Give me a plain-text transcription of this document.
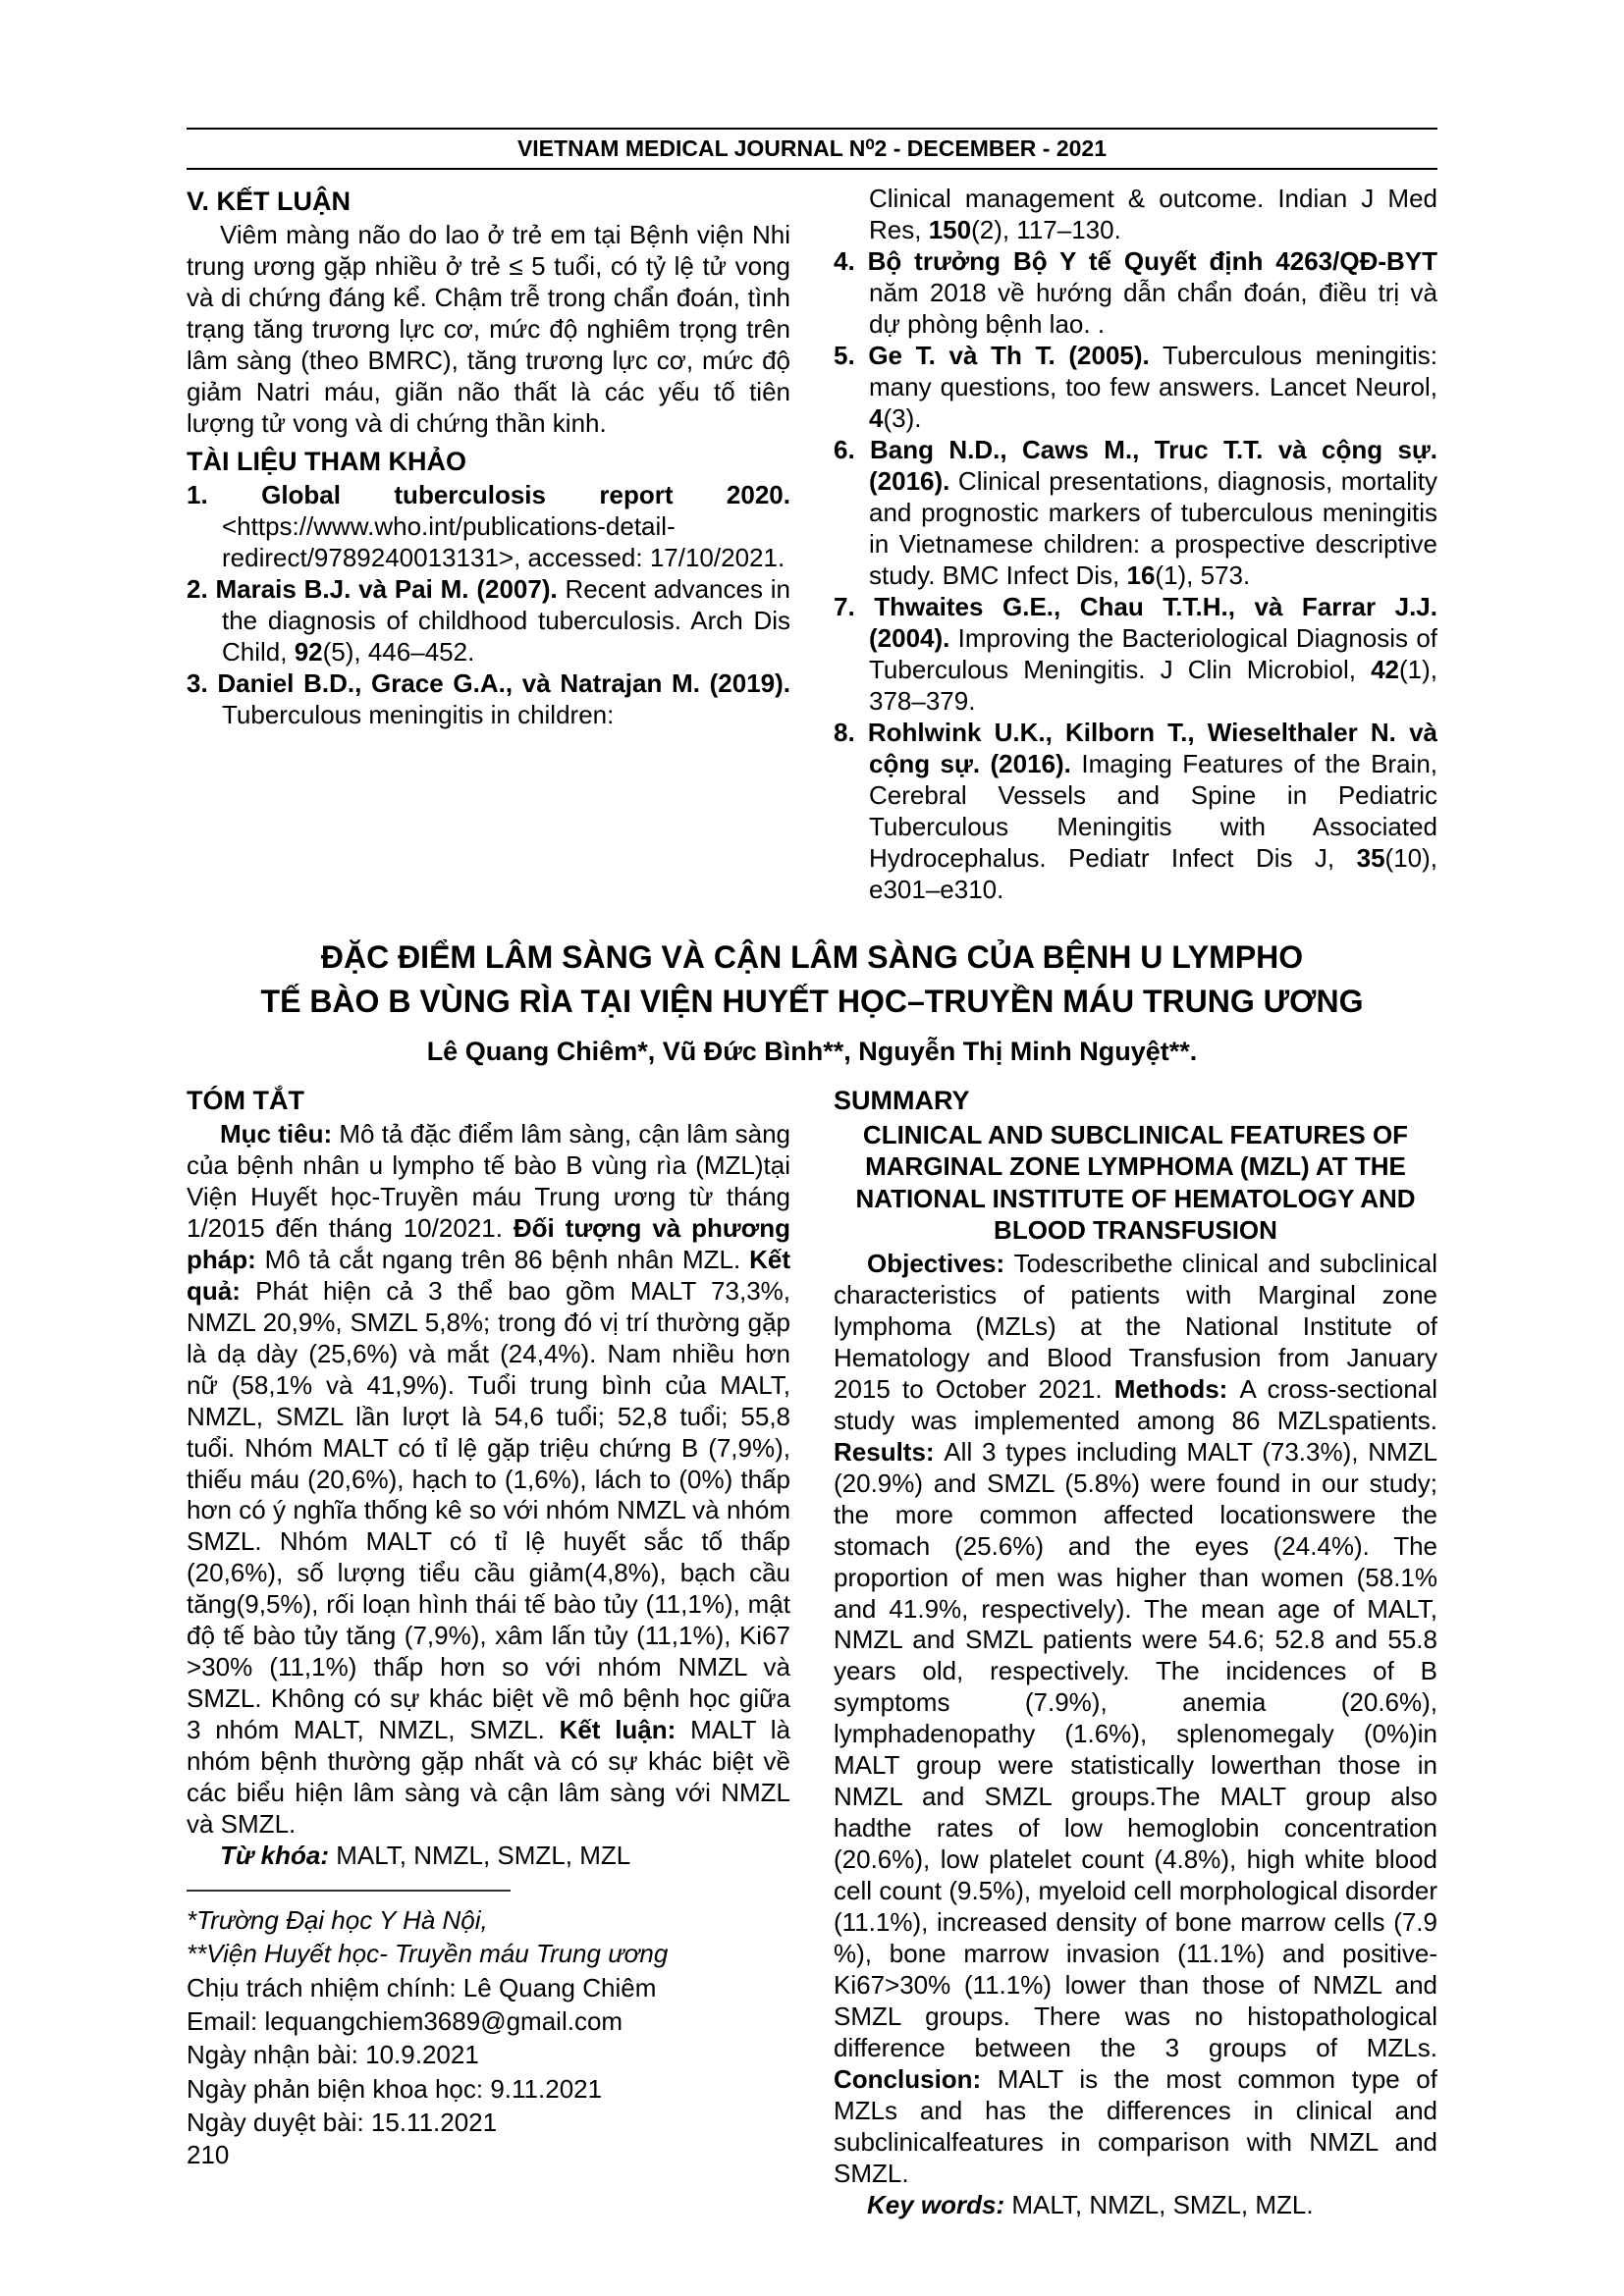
VIETNAM MEDICAL JOURNAL N⁰2 - DECEMBER - 2021
V. KẾT LUẬN

Viêm màng não do lao ở trẻ em tại Bệnh viện Nhi trung ương gặp nhiều ở trẻ ≤ 5 tuổi, có tỷ lệ tử vong và di chứng đáng kể. Chậm trễ trong chẩn đoán, tình trạng tăng trương lực cơ, mức độ nghiêm trọng trên lâm sàng (theo BMRC), tăng trương lực cơ, mức độ giảm Natri máu, giãn não thất là các yếu tố tiên lượng tử vong và di chứng thần kinh.

TÀI LIỆU THAM KHẢO
1. Global tuberculosis report 2020. <https://www.who.int/publications-detail-redirect/9789240013131>, accessed: 17/10/2021.
2. Marais B.J. và Pai M. (2007). Recent advances in the diagnosis of childhood tuberculosis. Arch Dis Child, 92(5), 446–452.
3. Daniel B.D., Grace G.A., và Natrajan M. (2019). Tuberculous meningitis in children:
Clinical management & outcome. Indian J Med Res, 150(2), 117–130.
4. Bộ trưởng Bộ Y tế Quyết định 4263/QĐ-BYT năm 2018 về hướng dẫn chẩn đoán, điều trị và dự phòng bệnh lao. .
5. Ge T. và Th T. (2005). Tuberculous meningitis: many questions, too few answers. Lancet Neurol, 4(3).
6. Bang N.D., Caws M., Truc T.T. và cộng sự. (2016). Clinical presentations, diagnosis, mortality and prognostic markers of tuberculous meningitis in Vietnamese children: a prospective descriptive study. BMC Infect Dis, 16(1), 573.
7. Thwaites G.E., Chau T.T.H., và Farrar J.J. (2004). Improving the Bacteriological Diagnosis of Tuberculous Meningitis. J Clin Microbiol, 42(1), 378–379.
8. Rohlwink U.K., Kilborn T., Wieselthaler N. và cộng sự. (2016). Imaging Features of the Brain, Cerebral Vessels and Spine in Pediatric Tuberculous Meningitis with Associated Hydrocephalus. Pediatr Infect Dis J, 35(10), e301–e310.
ĐẶC ĐIỂM LÂM SÀNG VÀ CẬN LÂM SÀNG CỦA BỆNH U LYMPHO
TẾ BÀO B VÙNG RÌA TẠI VIỆN HUYẾT HỌC–TRUYỀN MÁU TRUNG ƯƠNG
Lê Quang Chiêm*, Vũ Đức Bình**, Nguyễn Thị Minh Nguyệt**.
TÓM TẮT

Mục tiêu: Mô tả đặc điểm lâm sàng, cận lâm sàng của bệnh nhân u lympho tế bào B vùng rìa (MZL)tại Viện Huyết học-Truyền máu Trung ương từ tháng 1/2015 đến tháng 10/2021. Đối tượng và phương pháp: Mô tả cắt ngang trên 86 bệnh nhân MZL. Kết quả: Phát hiện cả 3 thể bao gồm MALT 73,3%, NMZL 20,9%, SMZL 5,8%; trong đó vị trí thường gặp là dạ dày (25,6%) và mắt (24,4%). Nam nhiều hơn nữ (58,1% và 41,9%). Tuổi trung bình của MALT, NMZL, SMZL lần lượt là 54,6 tuổi; 52,8 tuổi; 55,8 tuổi. Nhóm MALT có tỉ lệ gặp triệu chứng B (7,9%), thiếu máu (20,6%), hạch to (1,6%), lách to (0%) thấp hơn có ý nghĩa thống kê so với nhóm NMZL và nhóm SMZL. Nhóm MALT có tỉ lệ huyết sắc tố thấp (20,6%), số lượng tiểu cầu giảm(4,8%), bạch cầu tăng(9,5%), rối loạn hình thái tế bào tủy (11,1%), mật độ tế bào tủy tăng (7,9%), xâm lấn tủy (11,1%), Ki67 >30% (11,1%) thấp hơn so với nhóm NMZL và SMZL. Không có sự khác biệt về mô bệnh học giữa 3 nhóm MALT, NMZL, SMZL. Kết luận: MALT là nhóm bệnh thường gặp nhất và có sự khác biệt về các biểu hiện lâm sàng và cận lâm sàng với NMZL và SMZL.

Từ khóa: MALT, NMZL, SMZL, MZL

*Trường Đại học Y Hà Nội,
**Viện Huyết học- Truyền máu Trung ương
Chịu trách nhiệm chính: Lê Quang Chiêm
Email: lequangchiem3689@gmail.com
Ngày nhận bài: 10.9.2021
Ngày phản biện khoa học: 9.11.2021
Ngày duyệt bài: 15.11.2021
SUMMARY
CLINICAL AND SUBCLINICAL FEATURES OF MARGINAL ZONE LYMPHOMA (MZL) AT THE NATIONAL INSTITUTE OF HEMATOLOGY AND BLOOD TRANSFUSION

Objectives: Todescribethe clinical and subclinical characteristics of patients with Marginal zone lymphoma (MZLs) at the National Institute of Hematology and Blood Transfusion from January 2015 to October 2021. Methods: A cross-sectional study was implemented among 86 MZLspatients. Results: All 3 types including MALT (73.3%), NMZL (20.9%) and SMZL (5.8%) were found in our study; the more common affected locationswere the stomach (25.6%) and the eyes (24.4%). The proportion of men was higher than women (58.1% and 41.9%, respectively). The mean age of MALT, NMZL and SMZL patients were 54.6; 52.8 and 55.8 years old, respectively. The incidences of B symptoms (7.9%), anemia (20.6%), lymphadenopathy (1.6%), splenomegaly (0%)in MALT group were statistically lowerthan those in NMZL and SMZL groups.The MALT group also hadthe rates of low hemoglobin concentration (20.6%), low platelet count (4.8%), high white blood cell count (9.5%), myeloid cell morphological disorder (11.1%), increased density of bone marrow cells (7.9 %), bone marrow invasion (11.1%) and positive-Ki67>30% (11.1%) lower than those of NMZL and SMZL groups. There was no histopathological difference between the 3 groups of MZLs. Conclusion: MALT is the most common type of MZLs and has the differences in clinical and subclinicalfeatures in comparison with NMZL and SMZL.

Key words: MALT, NMZL, SMZL, MZL.

210
